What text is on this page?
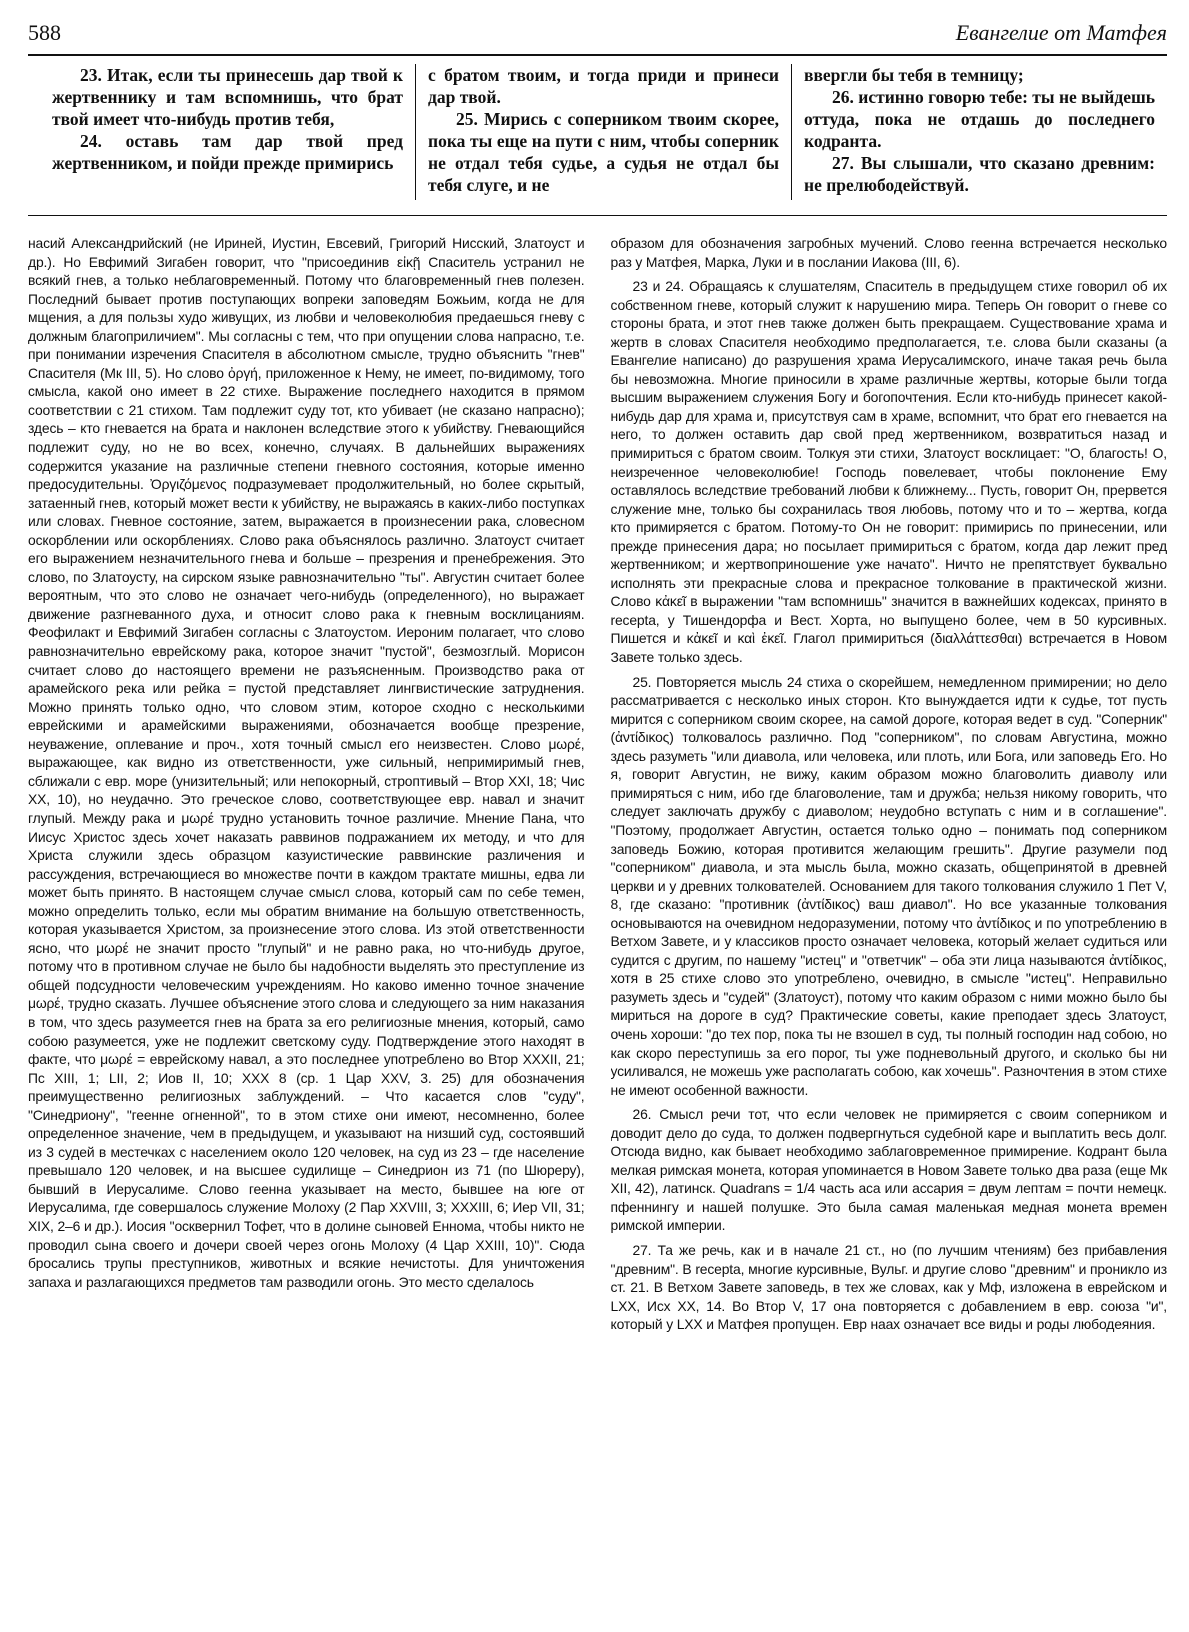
588	Евангелие от Матфея

23. Итак, если ты принесешь дар твой к жертвеннику и там вспомнишь, что брат твой имеет что-нибудь против тебя,

24. оставь там дар твой пред жертвенником, и пойди прежде примирись

с братом твоим, и тогда приди и принеси дар твой.

25. Мирись с соперником твоим скорее, пока ты еще на пути с ним, чтобы соперник не отдал тебя судье, а судья не отдал бы тебя слуге, и не

ввергли бы тебя в темницу;

26. истинно говорю тебе: ты не выйдешь оттуда, пока не отдашь до последнего кодранта.

27. Вы слышали, что сказано древним: не прелюбодействуй.

насий Александрийский (не Ириней, Иустин, Евсевий, Григорий Нисский, Златоуст и др.). Но Евфимий Зигабен говорит, что "присоединив εἰκῇ Спаситель устранил не всякий гнев, а только неблаговременный. Потому что благовременный гнев полезен. Последний бывает против поступающих вопреки заповедям Божьим, когда не для мщения, а для пользы худо живущих, из любви и человеколюбия предаешься гневу с должным благоприличием". Мы согласны с тем, что при опущении слова напрасно, т.е. при понимании изречения Спасителя в абсолютном смысле, трудно объяснить "гнев" Спасителя (Мк III, 5). Но слово ὀργή, приложенное к Нему, не имеет, по-видимому, того смысла, какой оно имеет в 22 стихе. Выражение последнего находится в прямом соответствии с 21 стихом. Там подлежит суду тот, кто убивает (не сказано напрасно); здесь – кто гневается на брата и наклонен вследствие этого к убийству. Гневающийся подлежит суду, но не во всех, конечно, случаях. В дальнейших выражениях содержится указание на различные степени гневного состояния, которые именно предосудительны. Ὀργιζόμενος подразумевает продолжительный, но более скрытый, затаенный гнев, который может вести к убийству, не выражаясь в каких-либо поступках или словах. Гневное состояние, затем, выражается в произнесении рака, словесном оскорблении или оскорблениях. Слово рака объяснялось различно. Златоуст считает его выражением незначительного гнева и больше – презрения и пренебрежения. Это слово, по Златоусту, на сирском языке равнозначительно "ты". Августин считает более вероятным, что это слово не означает чего-нибудь (определенного), но выражает движение разгневанного духа, и относит слово рака к гневным восклицаниям. Феофилакт и Евфимий Зигабен согласны с Златоустом. Иероним полагает, что слово равнозначительно еврейскому рака, которое значит "пустой", безмозглый. Морисон считает слово до настоящего времени не разъясненным. Производство рака от арамейского река или рейка = пустой представляет лингвистические затруднения. Можно принять только одно, что словом этим, которое сходно с несколькими еврейскими и арамейскими выражениями, обозначается вообще презрение, неуважение, оплевание и проч., хотя точный смысл его неизвестен. Слово μωρέ, выражающее, как видно из ответственности, уже сильный, непримиримый гнев, сближали с евр. море (унизительный; или непокорный, строптивый – Втор XXI, 18; Чис XX, 10), но неудачно. Это греческое слово, соответствующее евр. навал и значит глупый. Между рака и μωρέ трудно установить точное различие. Мнение Пана, что Иисус Христос здесь хочет наказать раввинов подражанием их методу, и что для Христа служили здесь образцом казуистические раввинские различения и рассуждения, встречающиеся во множестве почти в каждом трактате мишны, едва ли может быть принято. В настоящем случае смысл слова, который сам по себе темен, можно определить только, если мы обратим внимание на большую ответственность, которая указывается Христом, за произнесение этого слова. Из этой ответственности ясно, что μωρέ не значит просто "глупый" и не равно рака, но что-нибудь другое, потому что в противном случае не было бы надобности выделять это преступление из общей подсудности человеческим учреждениям. Но каково именно точное значение μωρέ, трудно сказать. Лучшее объяснение этого слова и следующего за ним наказания в том, что здесь разумеется гнев на брата за его религиозные мнения, который, само собою разумеется, уже не подлежит светскому суду. Подтверждение этого находят в факте, что μωρέ = еврейскому навал, а это последнее употреблено во Втор XXXII, 21; Пс XIII, 1; LII, 2; Иов II, 10; XXX 8 (ср. 1 Цар XXV, 3. 25) для обозначения преимущественно религиозных заблуждений. – Что касается слов "суду", "Синедриону", "геенне огненной", то в этом стихе они имеют, несомненно, более определенное значение, чем в предыдущем, и указывают на низший суд, состоявший из 3 судей в местечках с населением около 120 человек, на суд из 23 – где население превышало 120 человек, и на высшее судилище – Синедрион из 71 (по Шюреру), бывший в Иерусалиме. Слово геенна указывает на место, бывшее на юге от Иерусалима, где совершалось служение Молоху (2 Пар XXVIII, 3; XXXIII, 6; Иер VII, 31; XIX, 2–6 и др.). Иосия "осквернил Тофет, что в долине сыновей Еннома, чтобы никто не проводил сына своего и дочери своей через огонь Молоху (4 Цар XXIII, 10)". Сюда бросались трупы преступников, животных и всякие нечистоты. Для уничтожения запаха и разлагающихся предметов там разводили огонь. Это место сделалось

образом для обозначения загробных мучений. Слово геенна встречается несколько раз у Матфея, Марка, Луки и в послании Иакова (III, 6).

23 и 24. Обращаясь к слушателям, Спаситель в предыдущем стихе говорил об их собственном гневе, который служит к нарушению мира. Теперь Он говорит о гневе со стороны брата, и этот гнев также должен быть прекращаем. Существование храма и жертв в словах Спасителя необходимо предполагается, т.е. слова были сказаны (а Евангелие написано) до разрушения храма Иерусалимского, иначе такая речь была бы невозможна. Многие приносили в храме различные жертвы, которые были тогда высшим выражением служения Богу и богопочтения. Если кто-нибудь принесет какой-нибудь дар для храма и, присутствуя сам в храме, вспомнит, что брат его гневается на него, то должен оставить дар свой пред жертвенником, возвратиться назад и примириться с братом своим. Толкуя эти стихи, Златоуст восклицает: "О, благость! О, неизреченное человеколюбие! Господь повелевает, чтобы поклонение Ему оставлялось вследствие требований любви к ближнему... Пусть, говорит Он, прервется служение мне, только бы сохранилась твоя любовь, потому что и то – жертва, когда кто примиряется с братом. Потому-то Он не говорит: примирись по принесении, или прежде принесения дара; но посылает примириться с братом, когда дар лежит пред жертвенником; и жертвоприношение уже начато". Ничто не препятствует буквально исполнять эти прекрасные слова и прекрасное толкование в практической жизни. Слово κἀκεῖ в выражении "там вспомнишь" значится в важнейших кодексах, принято в recepta, у Тишендорфа и Вест. Хорта, но выпущено более, чем в 50 курсивных. Пишется и κἀκεῖ и καὶ ἐκεῖ. Глагол примириться (διαλλάττεσθαι) встречается в Новом Завете только здесь.

25. Повторяется мысль 24 стиха о скорейшем, немедленном примирении; но дело рассматривается с несколько иных сторон. Кто вынуждается идти к судье, тот пусть мирится с соперником своим скорее, на самой дороге, которая ведет в суд. "Соперник" (ἀντίδικος) толковалось различно. Под "соперником", по словам Августина, можно здесь разуметь "или диавола, или человека, или плоть, или Бога, или заповедь Его. Но я, говорит Августин, не вижу, каким образом можно благоволить диаволу или примиряться с ним, ибо где благоволение, там и дружба; нельзя никому говорить, что следует заключать дружбу с диаволом; неудобно вступать с ним и в соглашение". "Поэтому, продолжает Августин, остается только одно – понимать под соперником заповедь Божию, которая противится желающим грешить". Другие разумели под "соперником" диавола, и эта мысль была, можно сказать, общепринятой в древней церкви и у древних толкователей. Основанием для такого толкования служило 1 Пет V, 8, где сказано: "противник (ἀντίδικος) ваш диавол". Но все указанные толкования основываются на очевидном недоразумении, потому что ἀντίδικος и по употреблению в Ветхом Завете, и у классиков просто означает человека, который желает судиться или судится с другим, по нашему "истец" и "ответчик" – оба эти лица называются ἀντίδικος, хотя в 25 стихе слово это употреблено, очевидно, в смысле "истец". Неправильно разуметь здесь и "судей" (Златоуст), потому что каким образом с ними можно было бы мириться на дороге в суд? Практические советы, какие преподает здесь Златоуст, очень хороши: "до тех пор, пока ты не взошел в суд, ты полный господин над собою, но как скоро переступишь за его порог, ты уже подневольный другого, и сколько бы ни усиливался, не можешь уже располагать собою, как хочешь". Разночтения в этом стихе не имеют особенной важности.

26. Смысл речи тот, что если человек не примиряется с своим соперником и доводит дело до суда, то должен подвергнуться судебной каре и выплатить весь долг. Отсюда видно, как бывает необходимо заблаговременное примирение. Кодрант была мелкая римская монета, которая упоминается в Новом Завете только два раза (еще Мк XII, 42), латинск. Quadrans = 1/4 часть аса или ассария = двум лептам = почти немецк. пфеннингу и нашей полушке. Это была самая маленькая медная монета времен римской империи.

27. Та же речь, как и в начале 21 ст., но (по лучшим чтениям) без прибавления "древним". В recepta, многие курсивные, Вульг. и другие слово "древним" и проникло из ст. 21. В Ветхом Завете заповедь, в тех же словах, как у Мф, изложена в еврейском и LXX, Исх XX, 14. Во Втор V, 17 она повторяется с добавлением в евр. союза "и", который у LXX и Матфея пропущен. Евр наах означает все виды и роды любодеяния.
